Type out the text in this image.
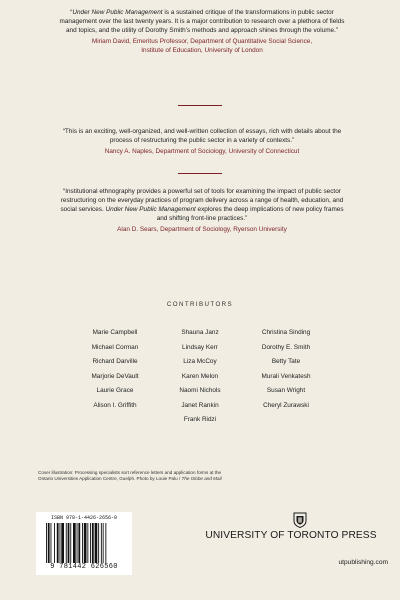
“Under New Public Management is a sustained critique of the transformations in public sector management over the last twenty years. It is a major contribution to research over a plethora of fields and topics, and the utility of Dorothy Smith’s methods and approach shines through the volume.”

Miriam David, Emeritus Professor, Department of Quantitative Social Science,
Institute of Education, University of London

“This is an exciting, well-organized, and well-written collection of essays, rich with details about the process of restructuring the public sector in a variety of contexts.”

Nancy A. Naples, Department of Sociology, University of Connecticut

“Institutional ethnography provides a powerful set of tools for examining the impact of public sector restructuring on the everyday practices of program delivery across a range of health, education, and social services. Under New Public Management explores the deep implications of new policy frames and shifting front-line practices.”

Alan D. Sears, Department of Sociology, Ryerson University

CONTRIBUTORS
Marie Campbell
Michael Corman
Richard Darville
Marjorie DeVault
Laurie Grace
Alison I. Griffith
Shauna Janz
Lindsay Kerr
Liza McCoy
Karen Melon
Naomi Nichols
Janet Rankin
Frank Ridzi
Christina Sinding
Dorothy E. Smith
Betty Tate
Murali Venkatesh
Susan Wright
Cheryl Zurawski
Cover illustration: Processing specialists sort reference letters and application forms at the Ontario Universities Application Centre, Guelph. Photo by Louie Palu / The Globe and Mail
ISBN 978-1-4426-2656-0
9 781442 626560
UNIVERSITY OF TORONTO PRESS
utpublishing.com
